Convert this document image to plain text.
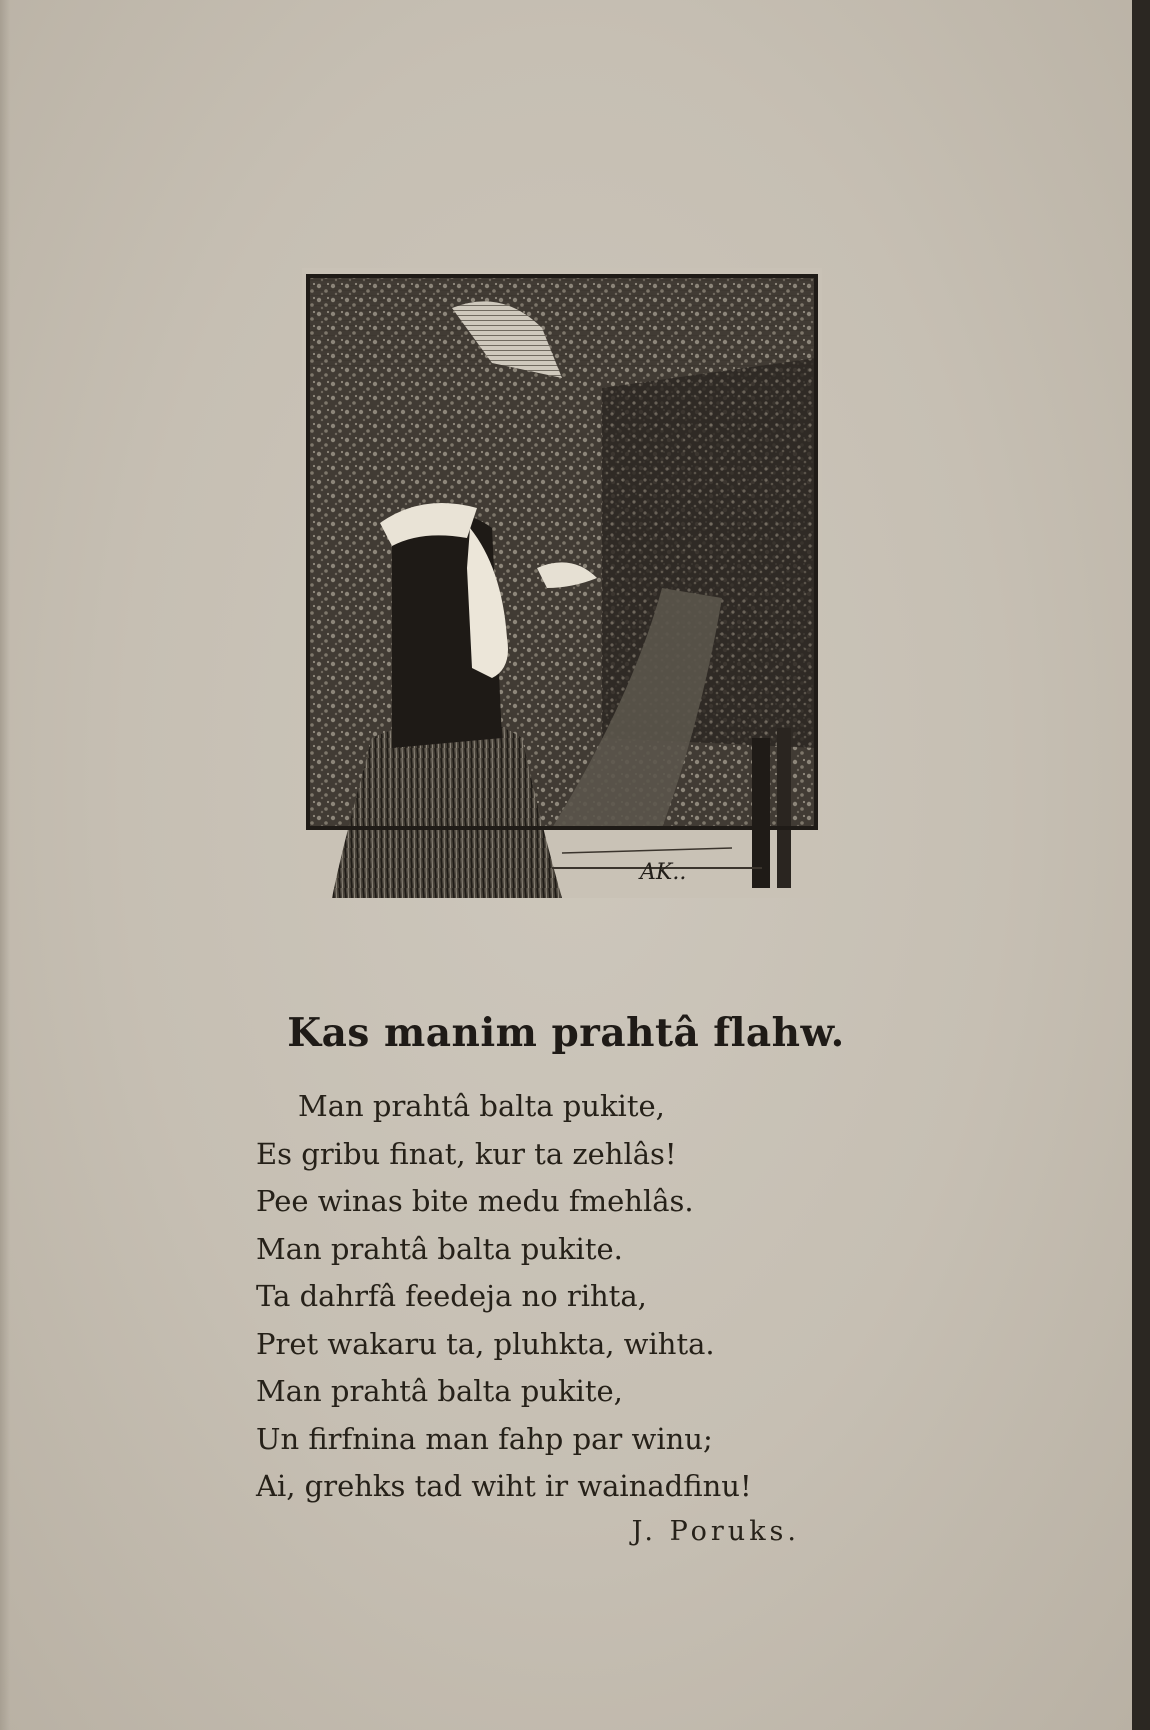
AK..
Kas manim prahtâ flahw.
Man prahtâ balta pukite,
Es gribu finat, kur ta zehlâs!
Pee winas bite medu fmehlâs.
Man prahtâ balta pukite.
Ta dahrfâ feedeja no rihta,
Pret wakaru ta, pluhkta, wihta.
Man prahtâ balta pukite,
Un firfnina man fahp par winu;
Ai, grehks tad wiht ir wainadfinu!
J. Poruks.
